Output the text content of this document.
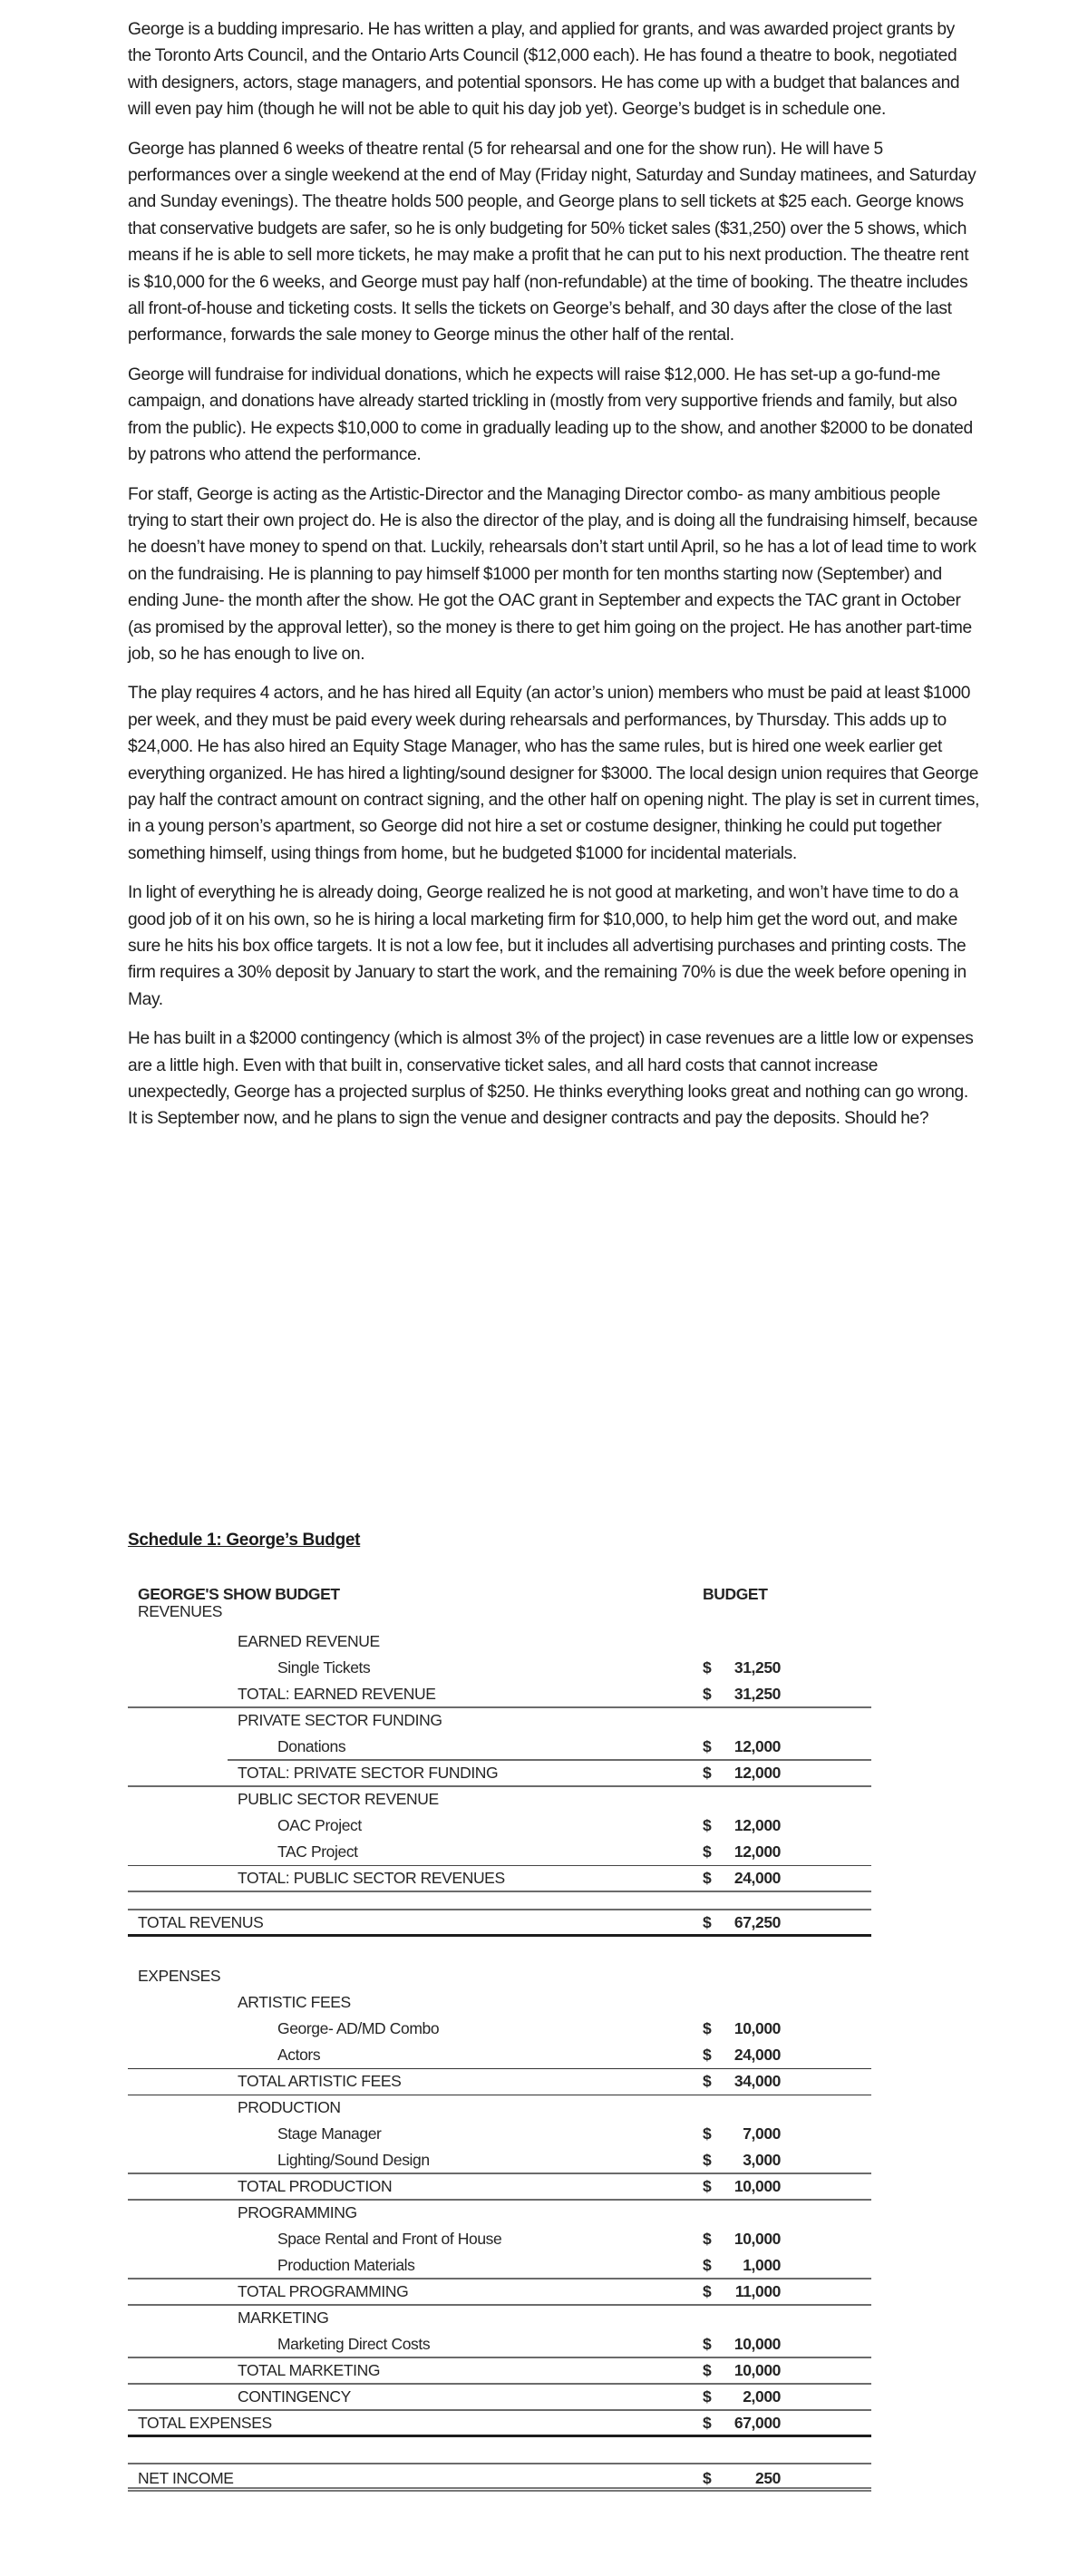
George is a budding impresario. He has written a play, and applied for grants, and was awarded project grants by the Toronto Arts Council, and the Ontario Arts Council ($12,000 each). He has found a theatre to book, negotiated with designers, actors, stage managers, and potential sponsors. He has come up with a budget that balances and will even pay him (though he will not be able to quit his day job yet). George’s budget is in schedule one.

George has planned 6 weeks of theatre rental (5 for rehearsal and one for the show run). He will have 5 performances over a single weekend at the end of May (Friday night, Saturday and Sunday matinees, and Saturday and Sunday evenings). The theatre holds 500 people, and George plans to sell tickets at $25 each. George knows that conservative budgets are safer, so he is only budgeting for 50% ticket sales ($31,250) over the 5 shows, which means if he is able to sell more tickets, he may make a profit that he can put to his next production. The theatre rent is $10,000 for the 6 weeks, and George must pay half (non-refundable) at the time of booking. The theatre includes all front-of-house and ticketing costs. It sells the tickets on George’s behalf, and 30 days after the close of the last performance, forwards the sale money to George minus the other half of the rental.

George will fundraise for individual donations, which he expects will raise $12,000. He has set-up a go-fund-me campaign, and donations have already started trickling in (mostly from very supportive friends and family, but also from the public). He expects $10,000 to come in gradually leading up to the show, and another $2000 to be donated by patrons who attend the performance.

For staff, George is acting as the Artistic-Director and the Managing Director combo- as many ambitious people trying to start their own project do. He is also the director of the play, and is doing all the fundraising himself, because he doesn’t have money to spend on that. Luckily, rehearsals don’t start until April, so he has a lot of lead time to work on the fundraising. He is planning to pay himself $1000 per month for ten months starting now (September) and ending June- the month after the show. He got the OAC grant in September and expects the TAC grant in October (as promised by the approval letter), so the money is there to get him going on the project. He has another part-time job, so he has enough to live on.

The play requires 4 actors, and he has hired all Equity (an actor’s union) members who must be paid at least $1000 per week, and they must be paid every week during rehearsals and performances, by Thursday. This adds up to $24,000. He has also hired an Equity Stage Manager, who has the same rules, but is hired one week earlier get everything organized. He has hired a lighting/sound designer for $3000. The local design union requires that George pay half the contract amount on contract signing, and the other half on opening night. The play is set in current times, in a young person’s apartment, so George did not hire a set or costume designer, thinking he could put together something himself, using things from home, but he budgeted $1000 for incidental materials.

In light of everything he is already doing, George realized he is not good at marketing, and won’t have time to do a good job of it on his own, so he is hiring a local marketing firm for $10,000, to help him get the word out, and make sure he hits his box office targets. It is not a low fee, but it includes all advertising purchases and printing costs. The firm requires a 30% deposit by January to start the work, and the remaining 70% is due the week before opening in May.

He has built in a $2000 contingency (which is almost 3% of the project) in case revenues are a little low or expenses are a little high. Even with that built in, conservative ticket sales, and all hard costs that cannot increase unexpectedly, George has a projected surplus of $250. He thinks everything looks great and nothing can go wrong. It is September now, and he plans to sign the venue and designer contracts and pay the deposits. Should he?

Schedule 1: George’s Budget
GEORGE'S SHOW BUDGET	BUDGET
REVENUES
EARNED REVENUE
Single Tickets	$ 31,250
TOTAL: EARNED REVENUE	$ 31,250
PRIVATE SECTOR FUNDING
Donations	$ 12,000
TOTAL: PRIVATE SECTOR FUNDING	$ 12,000
PUBLIC SECTOR REVENUE
OAC Project	$ 12,000
TAC Project	$ 12,000
TOTAL: PUBLIC SECTOR REVENUES	$ 24,000
TOTAL REVENUS	$ 67,250
EXPENSES
ARTISTIC FEES
George- AD/MD Combo	$ 10,000
Actors	$ 24,000
TOTAL ARTISTIC FEES	$ 34,000
PRODUCTION
Stage Manager	$ 7,000
Lighting/Sound Design	$ 3,000
TOTAL PRODUCTION	$ 10,000
PROGRAMMING
Space Rental and Front of House	$ 10,000
Production Materials	$ 1,000
TOTAL PROGRAMMING	$ 11,000
MARKETING
Marketing Direct Costs	$ 10,000
TOTAL MARKETING	$ 10,000
CONTINGENCY	$ 2,000
TOTAL EXPENSES	$ 67,000
NET INCOME	$	250
